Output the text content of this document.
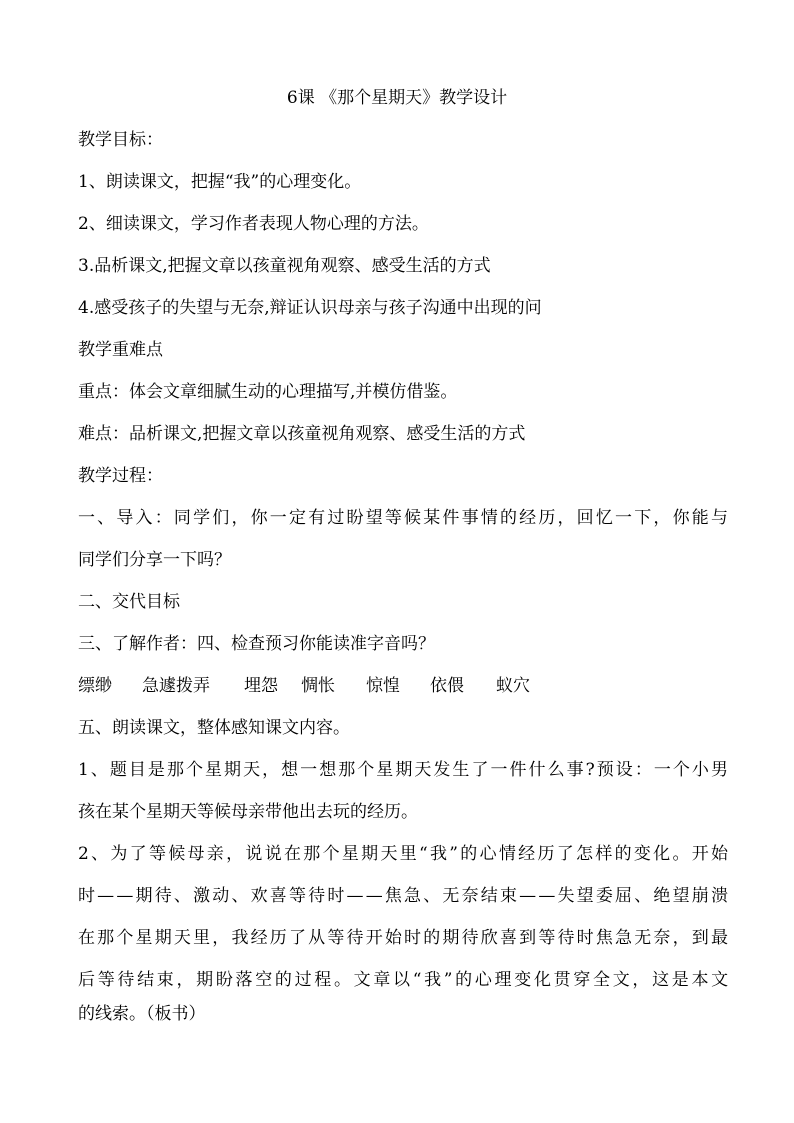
6课 《那个星期天》教学设计
教学目标：
1、朗读课文，把握“我”的心理变化。
2、细读课文，学习作者表现人物心理的方法。
3.品析课文,把握文章以孩童视角观察、感受生活的方式
4.感受孩子的失望与无奈,辩证认识母亲与孩子沟通中出现的问
教学重难点
重点：体会文章细腻生动的心理描写,并模仿借鉴。
难点：品析课文,把握文章以孩童视角观察、感受生活的方式
教学过程：
一、导入：同学们，你一定有过盼望等候某件事情的经历，回忆一下，你能与
同学们分享一下吗？
二、交代目标
三、了解作者：四、检查预习你能读准字音吗？
缥缈 急遽拨弄 埋怨 惆怅 惊惶 依偎 蚁穴
五、朗读课文，整体感知课文内容。
1、题目是那个星期天，想一想那个星期天发生了一件什么事?预设：一个小男
孩在某个星期天等候母亲带他出去玩的经历。
2、为了等候母亲，说说在那个星期天里“我”的心情经历了怎样的变化。开始
时——期待、激动、欢喜等待时——焦急、无奈结束——失望委屈、绝望崩溃
在那个星期天里，我经历了从等待开始时的期待欣喜到等待时焦急无奈，到最
后等待结束，期盼落空的过程。文章以“我”的心理变化贯穿全文，这是本文
的线索。（板书）
